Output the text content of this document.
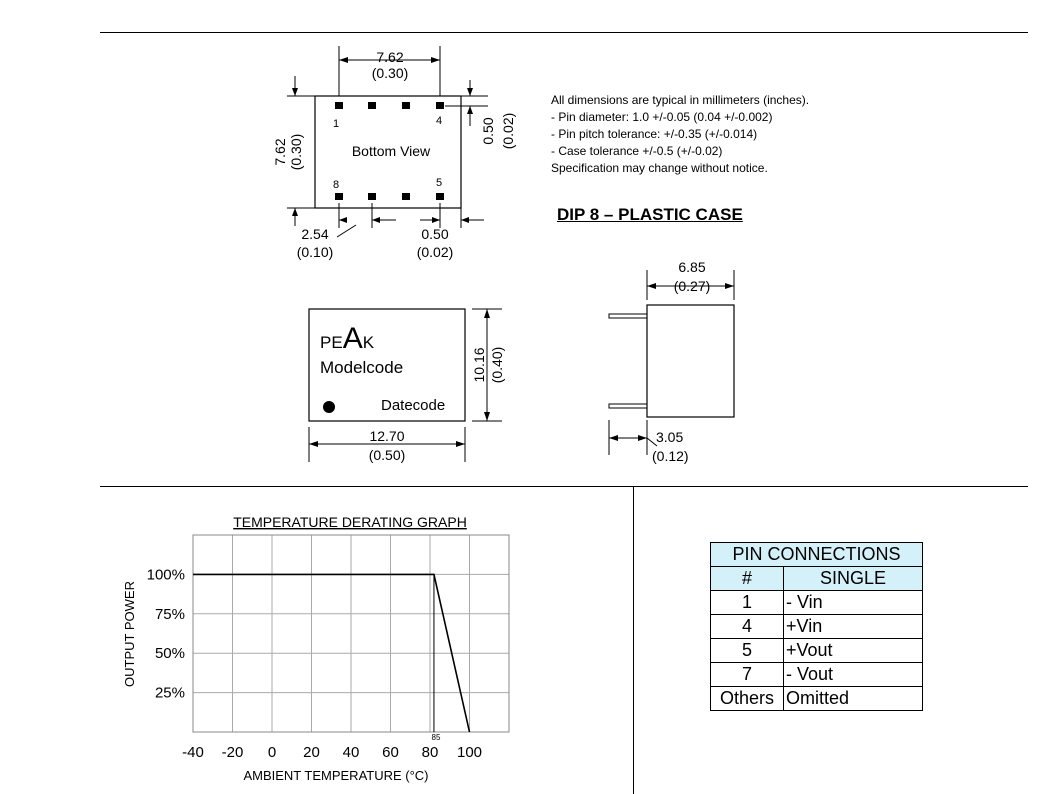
7.62
(0.30)
7.62 (0.30)	Bottom View
1	4
8	5
0.50 (0.02)
2.54
(0.10)
0.50
(0.02)
All dimensions are typical in millimeters (inches).
- Pin diameter: 1.0 +/-0.05 (0.04 +/-0.002)
- Pin pitch tolerance: +/-0.35 (+/-0.014)
- Case tolerance +/-0.5 (+/-0.02)
Specification may change without notice.
DIP 8 – PLASTIC CASE
PEAK
Modelcode
Datecode
10.16 (0.40)
12.70
(0.50)
6.85
(0.27)
3.05
(0.12)
TEMPERATURE DERATING GRAPH
100%
75%
50%
25%
-40 -20 0 20 40 60 80 100
85
AMBIENT TEMPERATURE (°C)
OUTPUT POWER
PIN CONNECTIONS	
#	SINGLE
1	- Vin
4	+Vin
5	+Vout
7	- Vout
Others	Omitted
